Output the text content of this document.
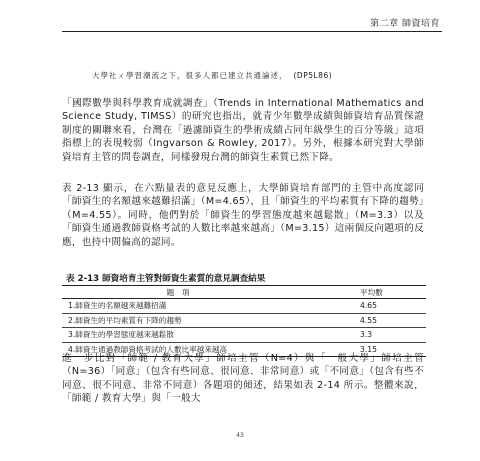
第二章 師資培育
大學社ㄨ學習潮流之下，很多人都已建立共通論述， (DP5L86)

「國際數學與科學教育成就調查」（Trends in International Mathematics and Science Study, TIMSS）的研究也指出，就青少年數學成績與師資培育品質保證制度的關聯來看，台灣在「過濾師資生的學術成績占同年級學生的百分等級」這項指標上的表現較弱（Ingvarson & Rowley, 2017）。另外，根據本研究對大學師資培育主管的問卷調查，同樣發現台灣的師資生素質已然下降。

表 2-13 顯示，在六點量表的意見反應上，大學師資培育部門的主管中高度認同「師資生的名額越來越難招滿」（M=4.65），且「師資生的平均素質有下降的趨勢」（M=4.55）。同時，他們對於「師資生的學習態度越來越鬆散」（M=3.3）以及「師資生通過教師資格考試的人數比率越來越高」（M=3.15）這兩個反向題項的反應，也持中間偏高的認同。

表 2-13 師資培育主管對師資生素質的意見調查結果
題　項	平均數
1.師資生的名額越來越難招滿	4.65
2.師資生的平均素質有下降的趨勢	4.55
3.師資生的學習態度越來越鬆散	3.3
4.師資生通過教師資格考試的人數比率越來越高	3.15

進一步比對「師範 / 教育大學」師培主管（N=4）與「一般大學」師培主管（N=36）「同意」（包含有些同意、很同意、非常同意）或「不同意」（包含有些不同意、很不同意、非常不同意）各題項的傾述，結果如表 2-14 所示。整體來說，「師範 / 教育大學」與「一般大

43
